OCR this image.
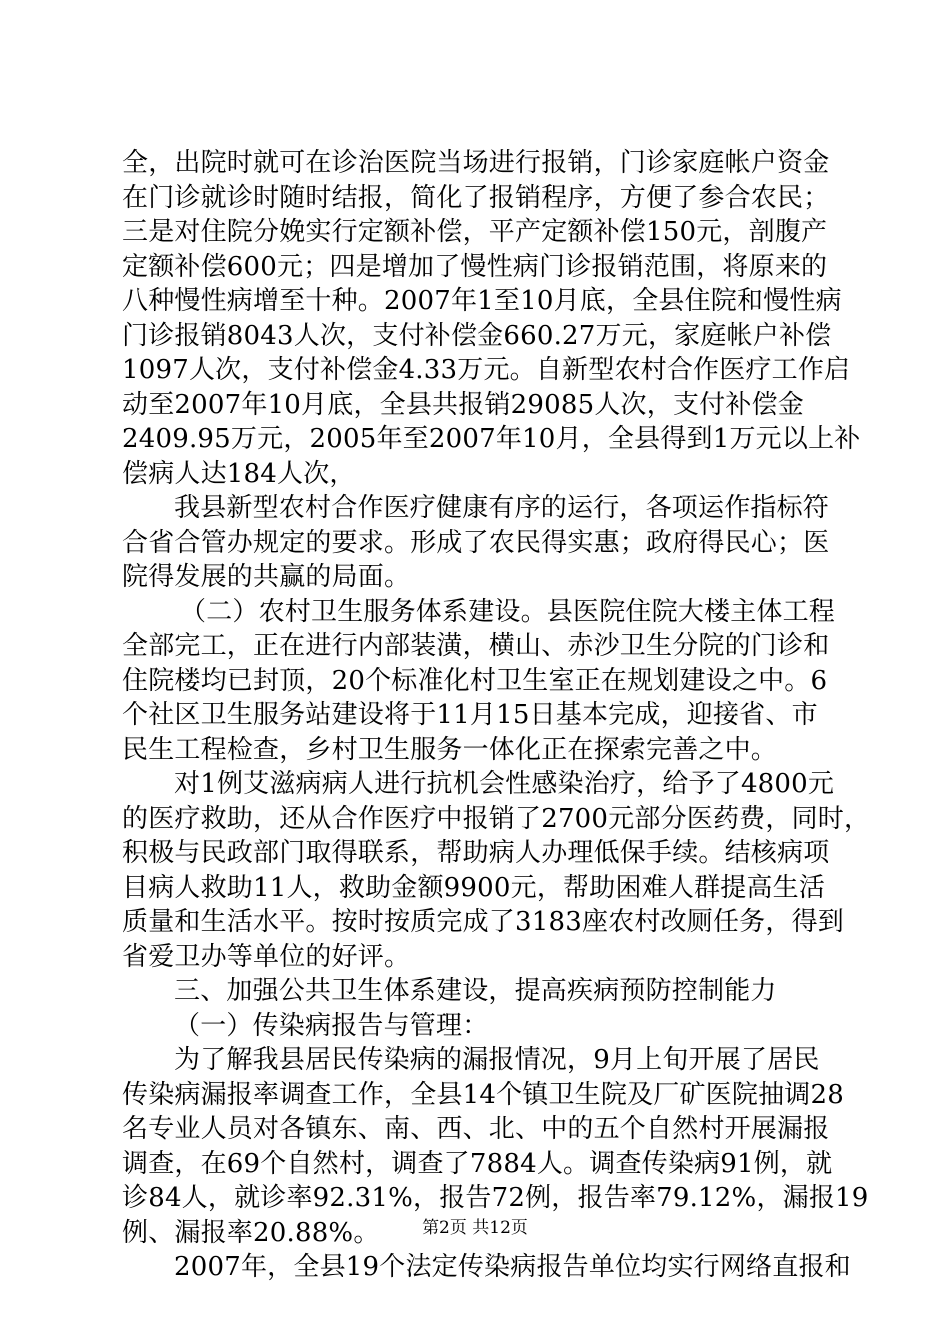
全，出院时就可在诊治医院当场进行报销，门诊家庭帐户资金
在门诊就诊时随时结报，简化了报销程序，方便了参合农民；
三是对住院分娩实行定额补偿，平产定额补偿150元，剖腹产
定额补偿600元；四是增加了慢性病门诊报销范围，将原来的
八种慢性病增至十种。2007年1至10月底，全县住院和慢性病
门诊报销8043人次，支付补偿金660.27万元，家庭帐户补偿
1097人次，支付补偿金4.33万元。自新型农村合作医疗工作启
动至2007年10月底，全县共报销29085人次，支付补偿金
2409.95万元，2005年至2007年10月，全县得到1万元以上补
偿病人达184人次，
我县新型农村合作医疗健康有序的运行，各项运作指标符
合省合管办规定的要求。形成了农民得实惠；政府得民心；医
院得发展的共赢的局面。
（二）农村卫生服务体系建设。县医院住院大楼主体工程
全部完工，正在进行内部装潢，横山、赤沙卫生分院的门诊和
住院楼均已封顶，20个标准化村卫生室正在规划建设之中。6
个社区卫生服务站建设将于11月15日基本完成，迎接省、市
民生工程检查，乡村卫生服务一体化正在探索完善之中。
对1例艾滋病病人进行抗机会性感染治疗，给予了4800元
的医疗救助，还从合作医疗中报销了2700元部分医药费，同时，
积极与民政部门取得联系，帮助病人办理低保手续。结核病项
目病人救助11人，救助金额9900元，帮助困难人群提高生活
质量和生活水平。按时按质完成了3183座农村改厕任务，得到
省爱卫办等单位的好评。
三、加强公共卫生体系建设，提高疾病预防控制能力
（一）传染病报告与管理：
为了解我县居民传染病的漏报情况，9月上旬开展了居民
传染病漏报率调查工作，全县14个镇卫生院及厂矿医院抽调28
名专业人员对各镇东、南、西、北、中的五个自然村开展漏报
调查，在69个自然村，调查了7884人。调查传染病91例，就
诊84人，就诊率92.31%，报告72例，报告率79.12%，漏报19
例、漏报率20.88%。
2007年，全县19个法定传染病报告单位均实行网络直报和
第2页 共12页
